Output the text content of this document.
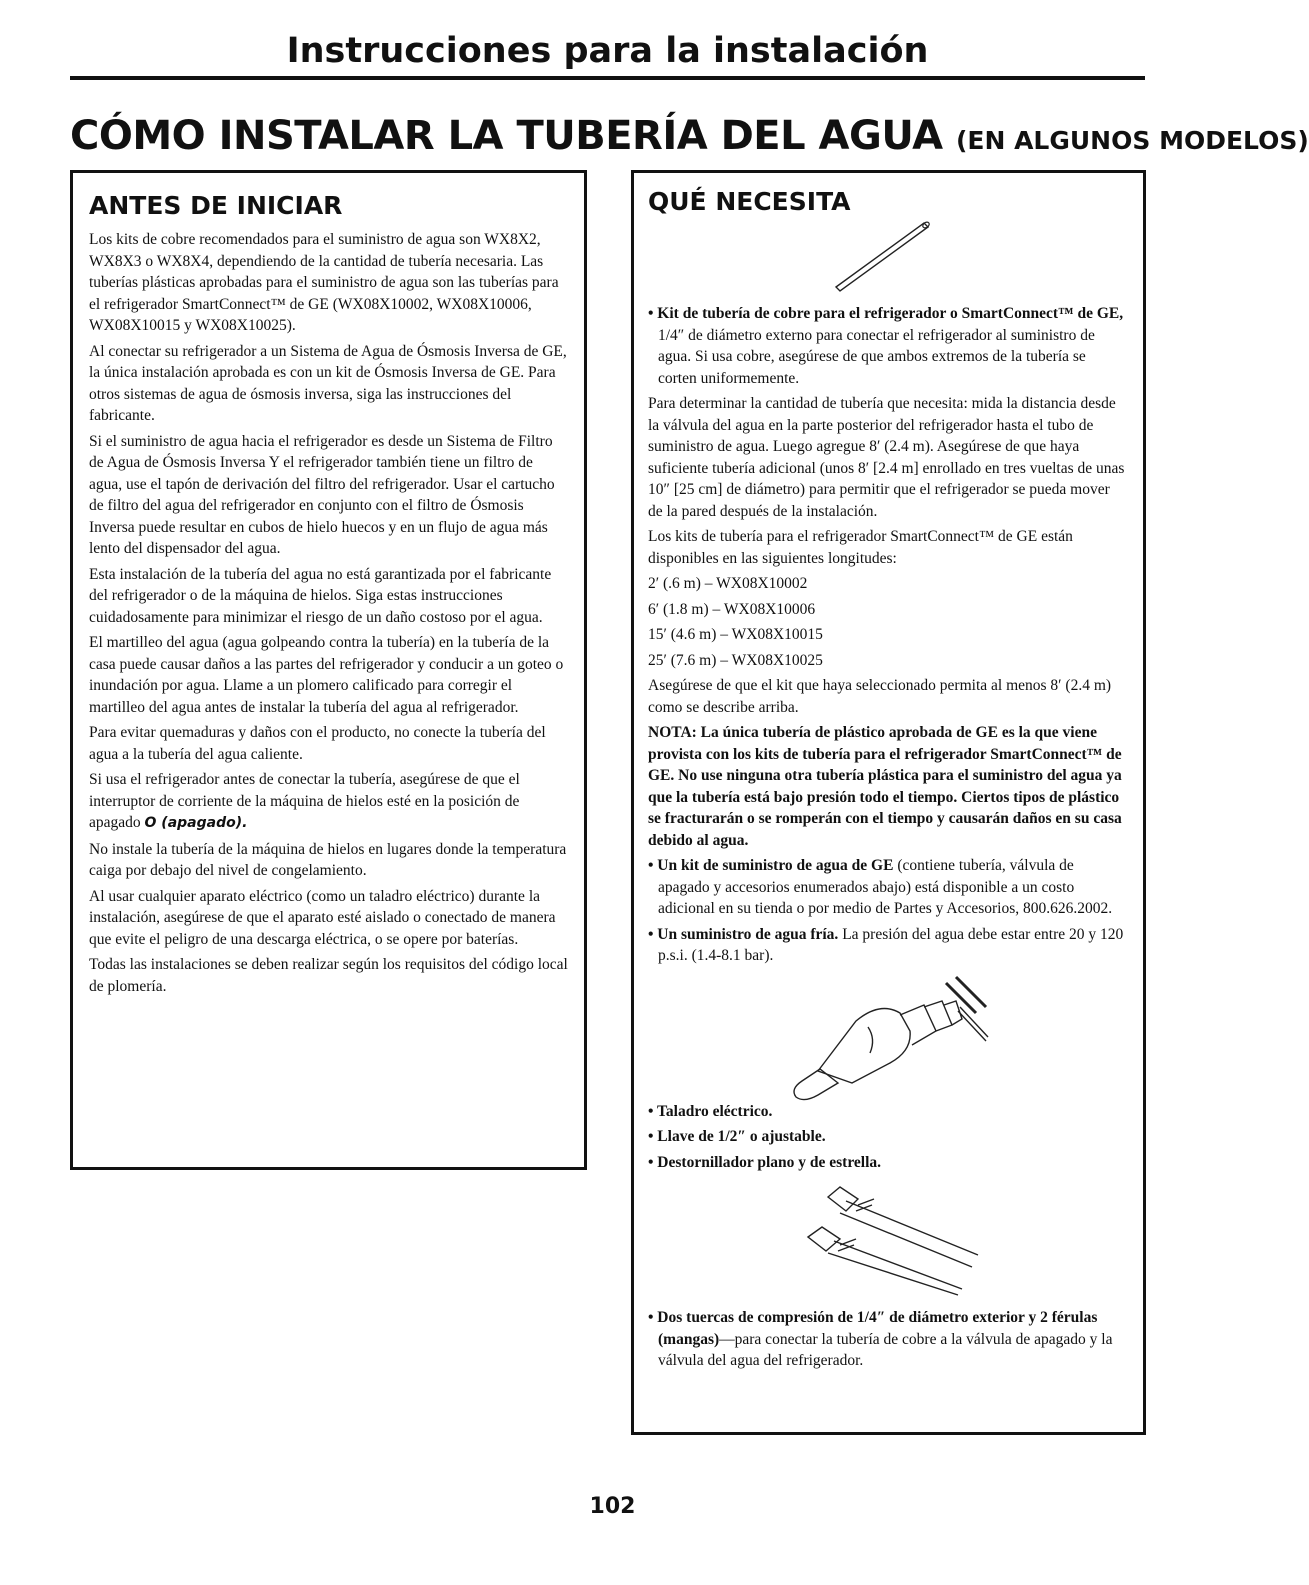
Instrucciones para la instalación
CÓMO INSTALAR LA TUBERÍA DEL AGUA (EN ALGUNOS MODELOS)
ANTES DE INICIAR

Los kits de cobre recomendados para el suministro de agua son WX8X2, WX8X3 o WX8X4, dependiendo de la cantidad de tubería necesaria. Las tuberías plásticas aprobadas para el suministro de agua son las tuberías para el refrigerador SmartConnect™ de GE (WX08X10002, WX08X10006, WX08X10015 y WX08X10025).

Al conectar su refrigerador a un Sistema de Agua de Ósmosis Inversa de GE, la única instalación aprobada es con un kit de Ósmosis Inversa de GE. Para otros sistemas de agua de ósmosis inversa, siga las instrucciones del fabricante.

Si el suministro de agua hacia el refrigerador es desde un Sistema de Filtro de Agua de Ósmosis Inversa Y el refrigerador también tiene un filtro de agua, use el tapón de derivación del filtro del refrigerador. Usar el cartucho de filtro del agua del refrigerador en conjunto con el filtro de Ósmosis Inversa puede resultar en cubos de hielo huecos y en un flujo de agua más lento del dispensador del agua.

Esta instalación de la tubería del agua no está garantizada por el fabricante del refrigerador o de la máquina de hielos. Siga estas instrucciones cuidadosamente para minimizar el riesgo de un daño costoso por el agua.

El martilleo del agua (agua golpeando contra la tubería) en la tubería de la casa puede causar daños a las partes del refrigerador y conducir a un goteo o inundación por agua. Llame a un plomero calificado para corregir el martilleo del agua antes de instalar la tubería del agua al refrigerador.

Para evitar quemaduras y daños con el producto, no conecte la tubería del agua a la tubería del agua caliente.

Si usa el refrigerador antes de conectar la tubería, asegúrese de que el interruptor de corriente de la máquina de hielos esté en la posición de apagado O (apagado).

No instale la tubería de la máquina de hielos en lugares donde la temperatura caiga por debajo del nivel de congelamiento.

Al usar cualquier aparato eléctrico (como un taladro eléctrico) durante la instalación, asegúrese de que el aparato esté aislado o conectado de manera que evite el peligro de una descarga eléctrica, o se opere por baterías.

Todas las instalaciones se deben realizar según los requisitos del código local de plomería.

QUÉ NECESITA

• Kit de tubería de cobre para el refrigerador o SmartConnect™ de GE, 1/4″ de diámetro externo para conectar el refrigerador al suministro de agua. Si usa cobre, asegúrese de que ambos extremos de la tubería se corten uniformemente.

Para determinar la cantidad de tubería que necesita: mida la distancia desde la válvula del agua en la parte posterior del refrigerador hasta el tubo de suministro de agua. Luego agregue 8′ (2.4 m). Asegúrese de que haya suficiente tubería adicional (unos 8′ [2.4 m] enrollado en tres vueltas de unas 10″ [25 cm] de diámetro) para permitir que el refrigerador se pueda mover de la pared después de la instalación.

Los kits de tubería para el refrigerador SmartConnect™ de GE están disponibles en las siguientes longitudes:

2′ (.6 m) – WX08X10002

6′ (1.8 m) – WX08X10006

15′ (4.6 m) – WX08X10015

25′ (7.6 m) – WX08X10025

Asegúrese de que el kit que haya seleccionado permita al menos 8′ (2.4 m) como se describe arriba.

NOTA: La única tubería de plástico aprobada de GE es la que viene provista con los kits de tubería para el refrigerador SmartConnect™ de GE. No use ninguna otra tubería plástica para el suministro del agua ya que la tubería está bajo presión todo el tiempo. Ciertos tipos de plástico se fracturarán o se romperán con el tiempo y causarán daños en su casa debido al agua.

• Un kit de suministro de agua de GE (contiene tubería, válvula de apagado y accesorios enumerados abajo) está disponible a un costo adicional en su tienda o por medio de Partes y Accesorios, 800.626.2002.

• Un suministro de agua fría. La presión del agua debe estar entre 20 y 120 p.s.i. (1.4-8.1 bar).

• Taladro eléctrico.

• Llave de 1/2″ o ajustable.

• Destornillador plano y de estrella.

• Dos tuercas de compresión de 1/4″ de diámetro exterior y 2 férulas (mangas)—para conectar la tubería de cobre a la válvula de apagado y la válvula del agua del refrigerador.

102
